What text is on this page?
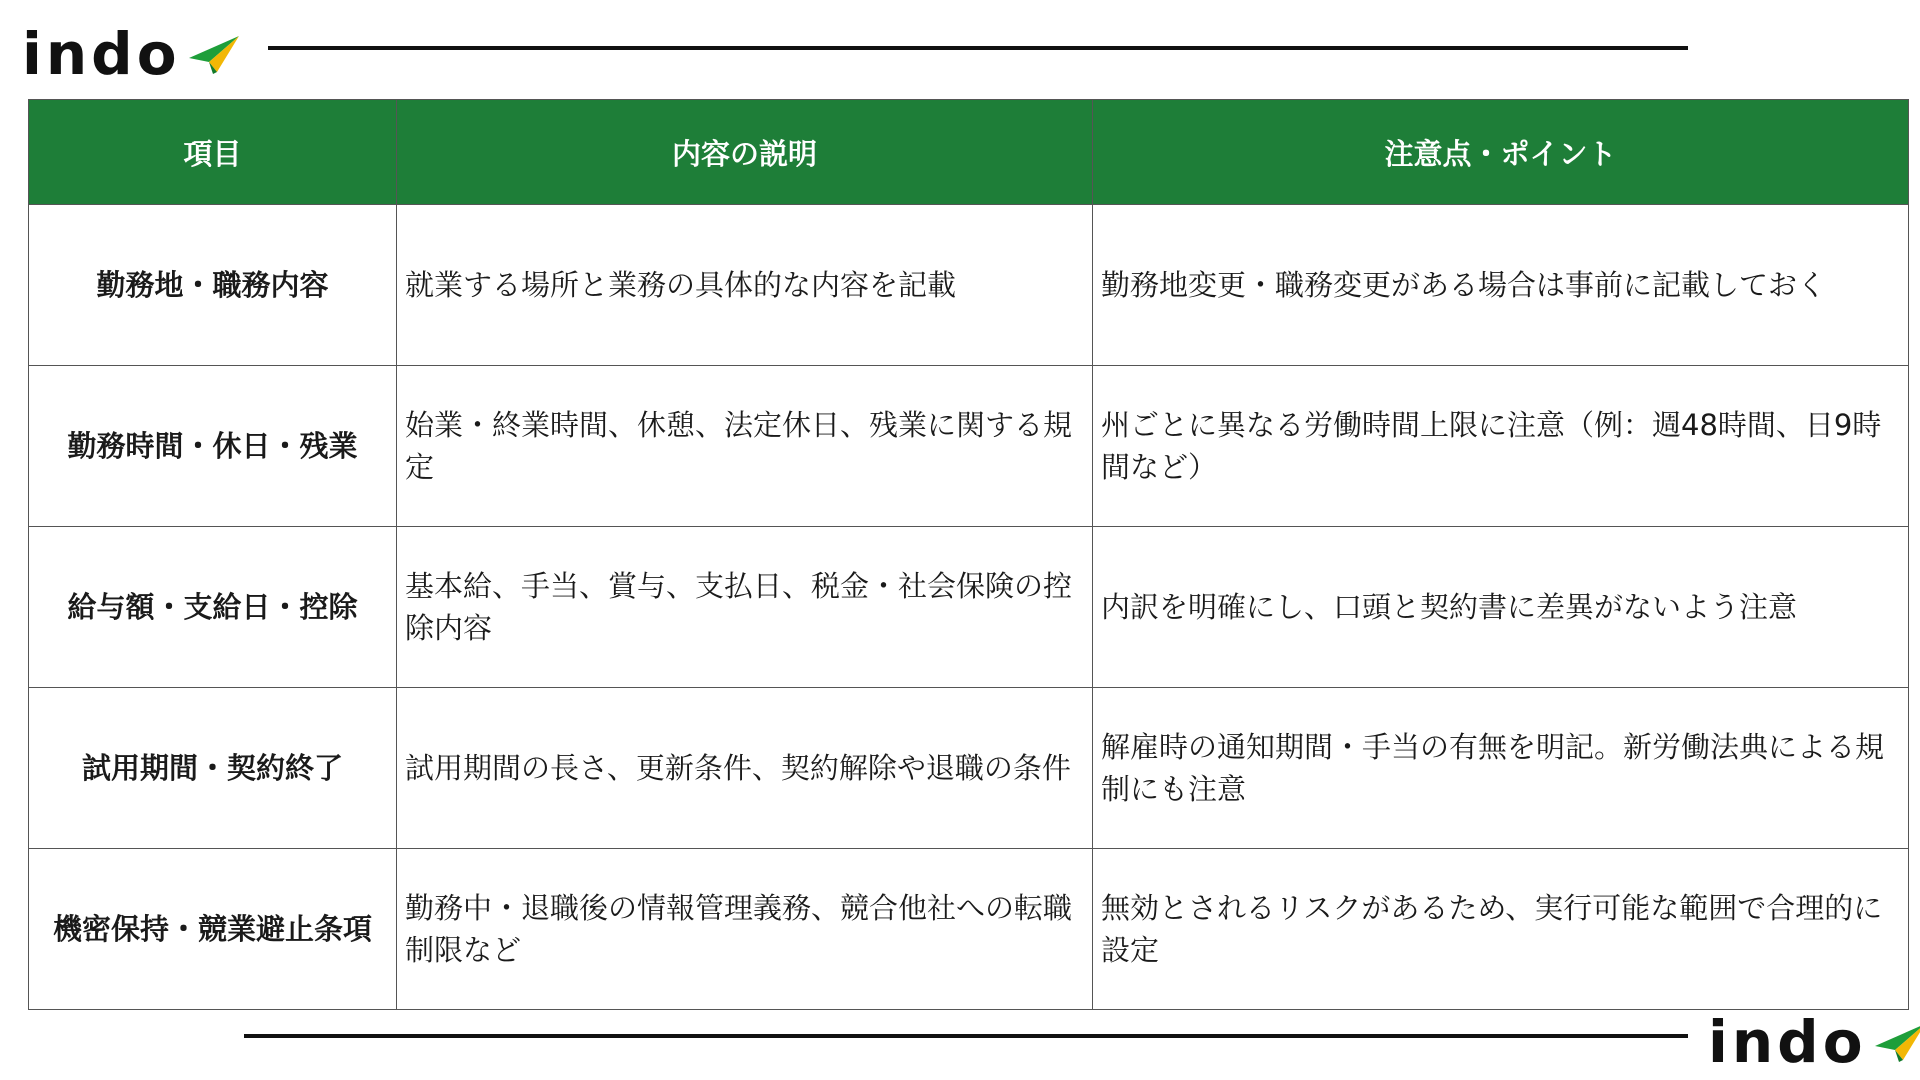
indo
項目	内容の説明	注意点・ポイント
勤務地・職務内容	就業する場所と業務の具体的な内容を記載	勤務地変更・職務変更がある場合は事前に記載しておく
勤務時間・休日・残業	始業・終業時間、休憩、法定休日、残業に関する規定	州ごとに異なる労働時間上限に注意（例：週48時間、日9時間など）
給与額・支給日・控除	基本給、手当、賞与、支払日、税金・社会保険の控除内容	内訳を明確にし、口頭と契約書に差異がないよう注意
試用期間・契約終了	試用期間の長さ、更新条件、契約解除や退職の条件	解雇時の通知期間・手当の有無を明記。新労働法典による規制にも注意
機密保持・競業避止条項	勤務中・退職後の情報管理義務、競合他社への転職制限など	無効とされるリスクがあるため、実行可能な範囲で合理的に設定
indo
